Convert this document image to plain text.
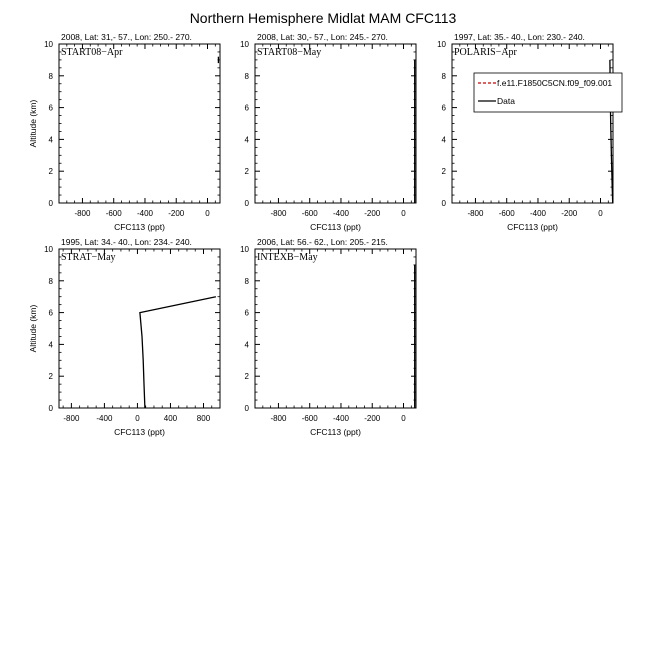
Northern Hemisphere Midlat MAM CFC113
2008, Lat: 31,- 57., Lon: 250.- 270.
START08−Apr
-800 -600 -400 -200	0
0
2
4
6
8
10
CFC113 (ppt)
Altitude (km)
2008, Lat: 30,- 57., Lon: 245.- 270.
START08−May
-800 -600 -400 -200	0
0
2
4
6
8
10
CFC113 (ppt)
1997, Lat: 35.- 40., Lon: 230.- 240.
POLARIS−Apr
-800 -600 -400 -200	0
0
2
4
6
8
10
CFC113 (ppt)
f.e11.F1850C5CN.f09_f09.001
Data
1995, Lat: 34.- 40., Lon: 234.- 240.
STRAT−May
-800 -400	0	400 800
0
2
4
6
8
10
CFC113 (ppt)
Altitude (km)
2006, Lat: 56.- 62., Lon: 205.- 215.
INTEXB−May
-800 -600 -400 -200	0
0
2
4
6
8
10
CFC113 (ppt)
